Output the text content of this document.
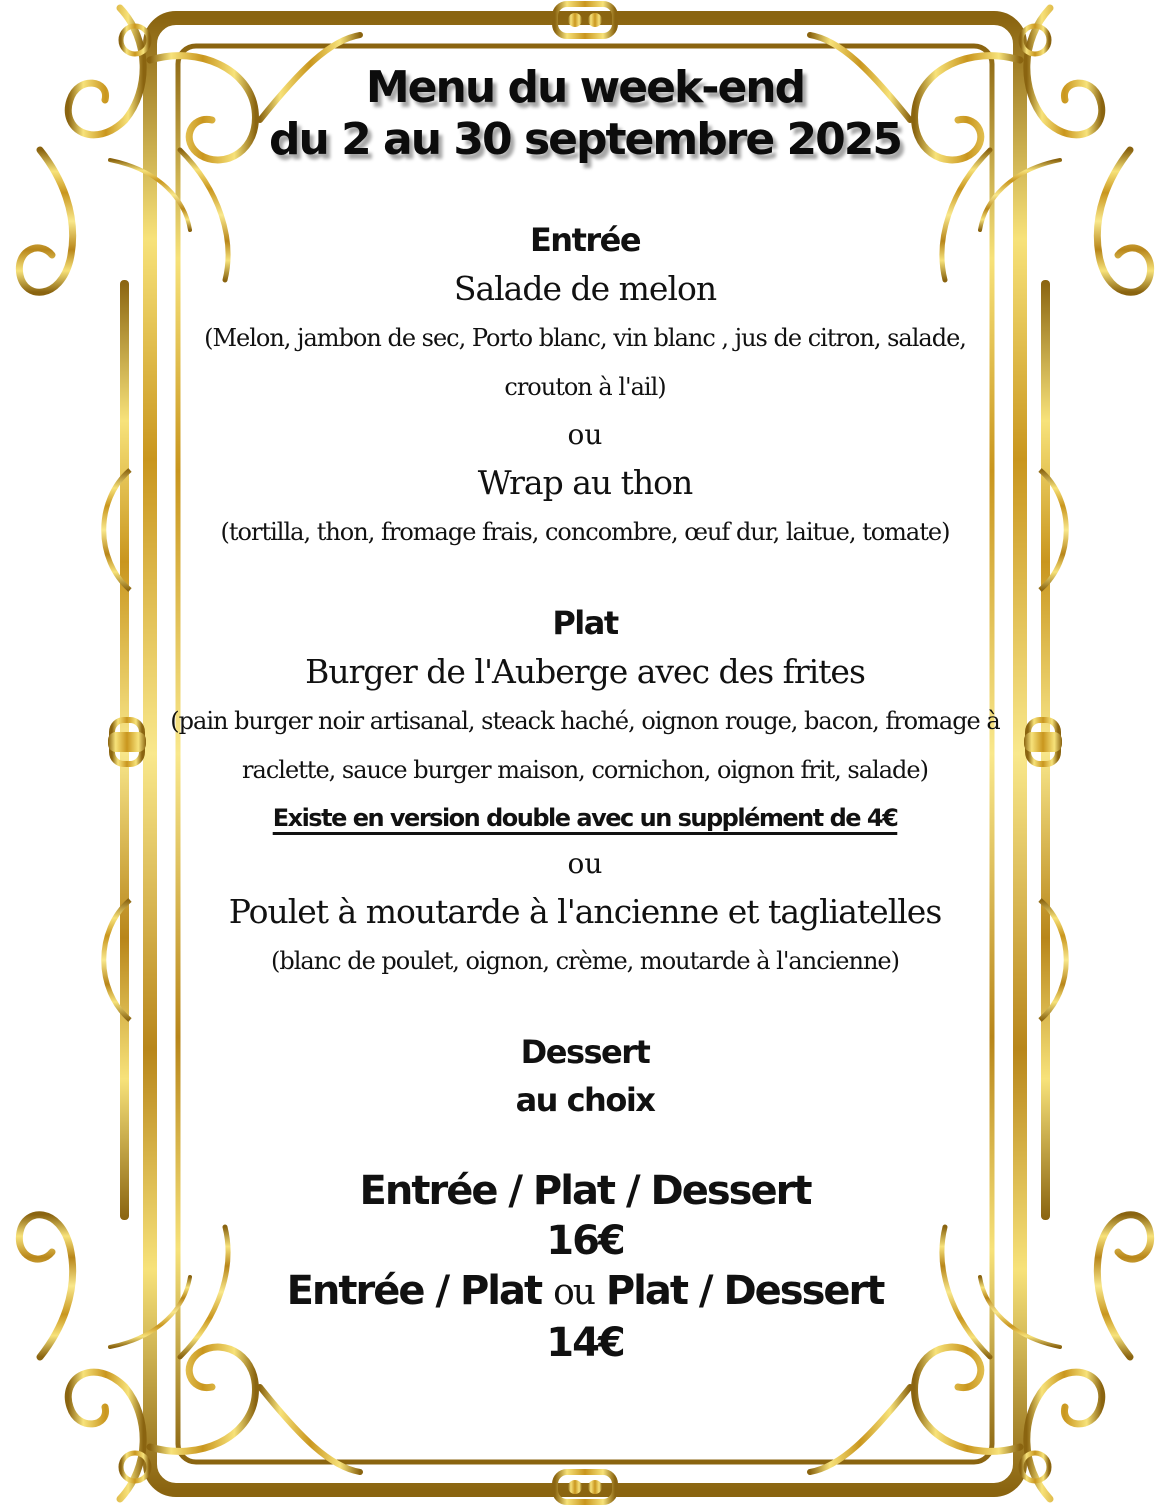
Menu du week-end
du 2 au 30 septembre 2025

Entrée

Salade de melon

(Melon, jambon de sec, Porto blanc, vin blanc , jus de citron, salade,

crouton à l'ail)

ou

Wrap au thon

(tortilla, thon, fromage frais, concombre, œuf dur, laitue, tomate)

Plat

Burger de l'Auberge avec des frites

(pain burger noir artisanal, steack haché, oignon rouge, bacon, fromage à

raclette, sauce burger maison, cornichon, oignon frit, salade)

Existe en version double avec un supplément de 4€

ou

Poulet à moutarde à l'ancienne et tagliatelles

(blanc de poulet, oignon, crème, moutarde à l'ancienne)

Dessert

au choix

Entrée / Plat / Dessert

16€

Entrée / Plat ou Plat / Dessert

14€
